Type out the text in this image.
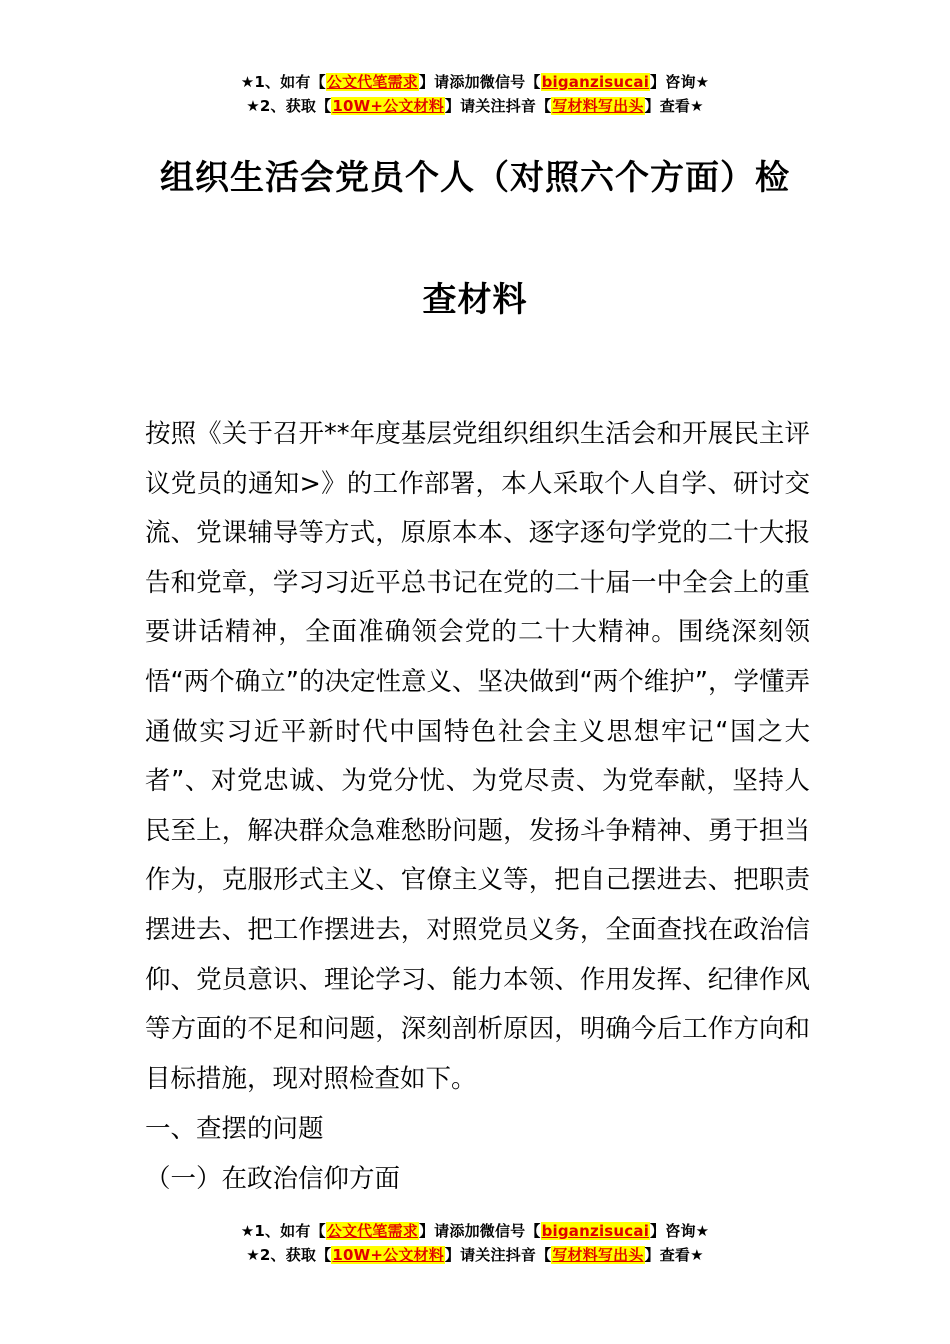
★1、如有【公文代笔需求】请添加微信号【biganzisucai】咨询★
★2、获取【10W+公文材料】请关注抖音【写材料写出头】查看★
组织生活会党员个人（对照六个方面）检
查材料

按照《关于召开**年度基层党组织组织生活会和开展民主评议党员的通知>》的工作部署，本人采取个人自学、研讨交流、党课辅导等方式，原原本本、逐字逐句学党的二十大报告和党章，学习习近平总书记在党的二十届一中全会上的重要讲话精神，全面准确领会党的二十大精神。围绕深刻领悟“两个确立”的决定性意义、坚决做到“两个维护”，学懂弄通做实习近平新时代中国特色社会主义思想牢记“国之大者”、对党忠诚、为党分忧、为党尽责、为党奉献，坚持人民至上，解决群众急难愁盼问题，发扬斗争精神、勇于担当作为，克服形式主义、官僚主义等，把自己摆进去、把职责摆进去、把工作摆进去，对照党员义务，全面查找在政治信仰、党员意识、理论学习、能力本领、作用发挥、纪律作风等方面的不足和问题，深刻剖析原因，明确今后工作方向和目标措施，现对照检查如下。

一、查摆的问题

（一）在政治信仰方面

★1、如有【公文代笔需求】请添加微信号【biganzisucai】咨询★
★2、获取【10W+公文材料】请关注抖音【写材料写出头】查看★
